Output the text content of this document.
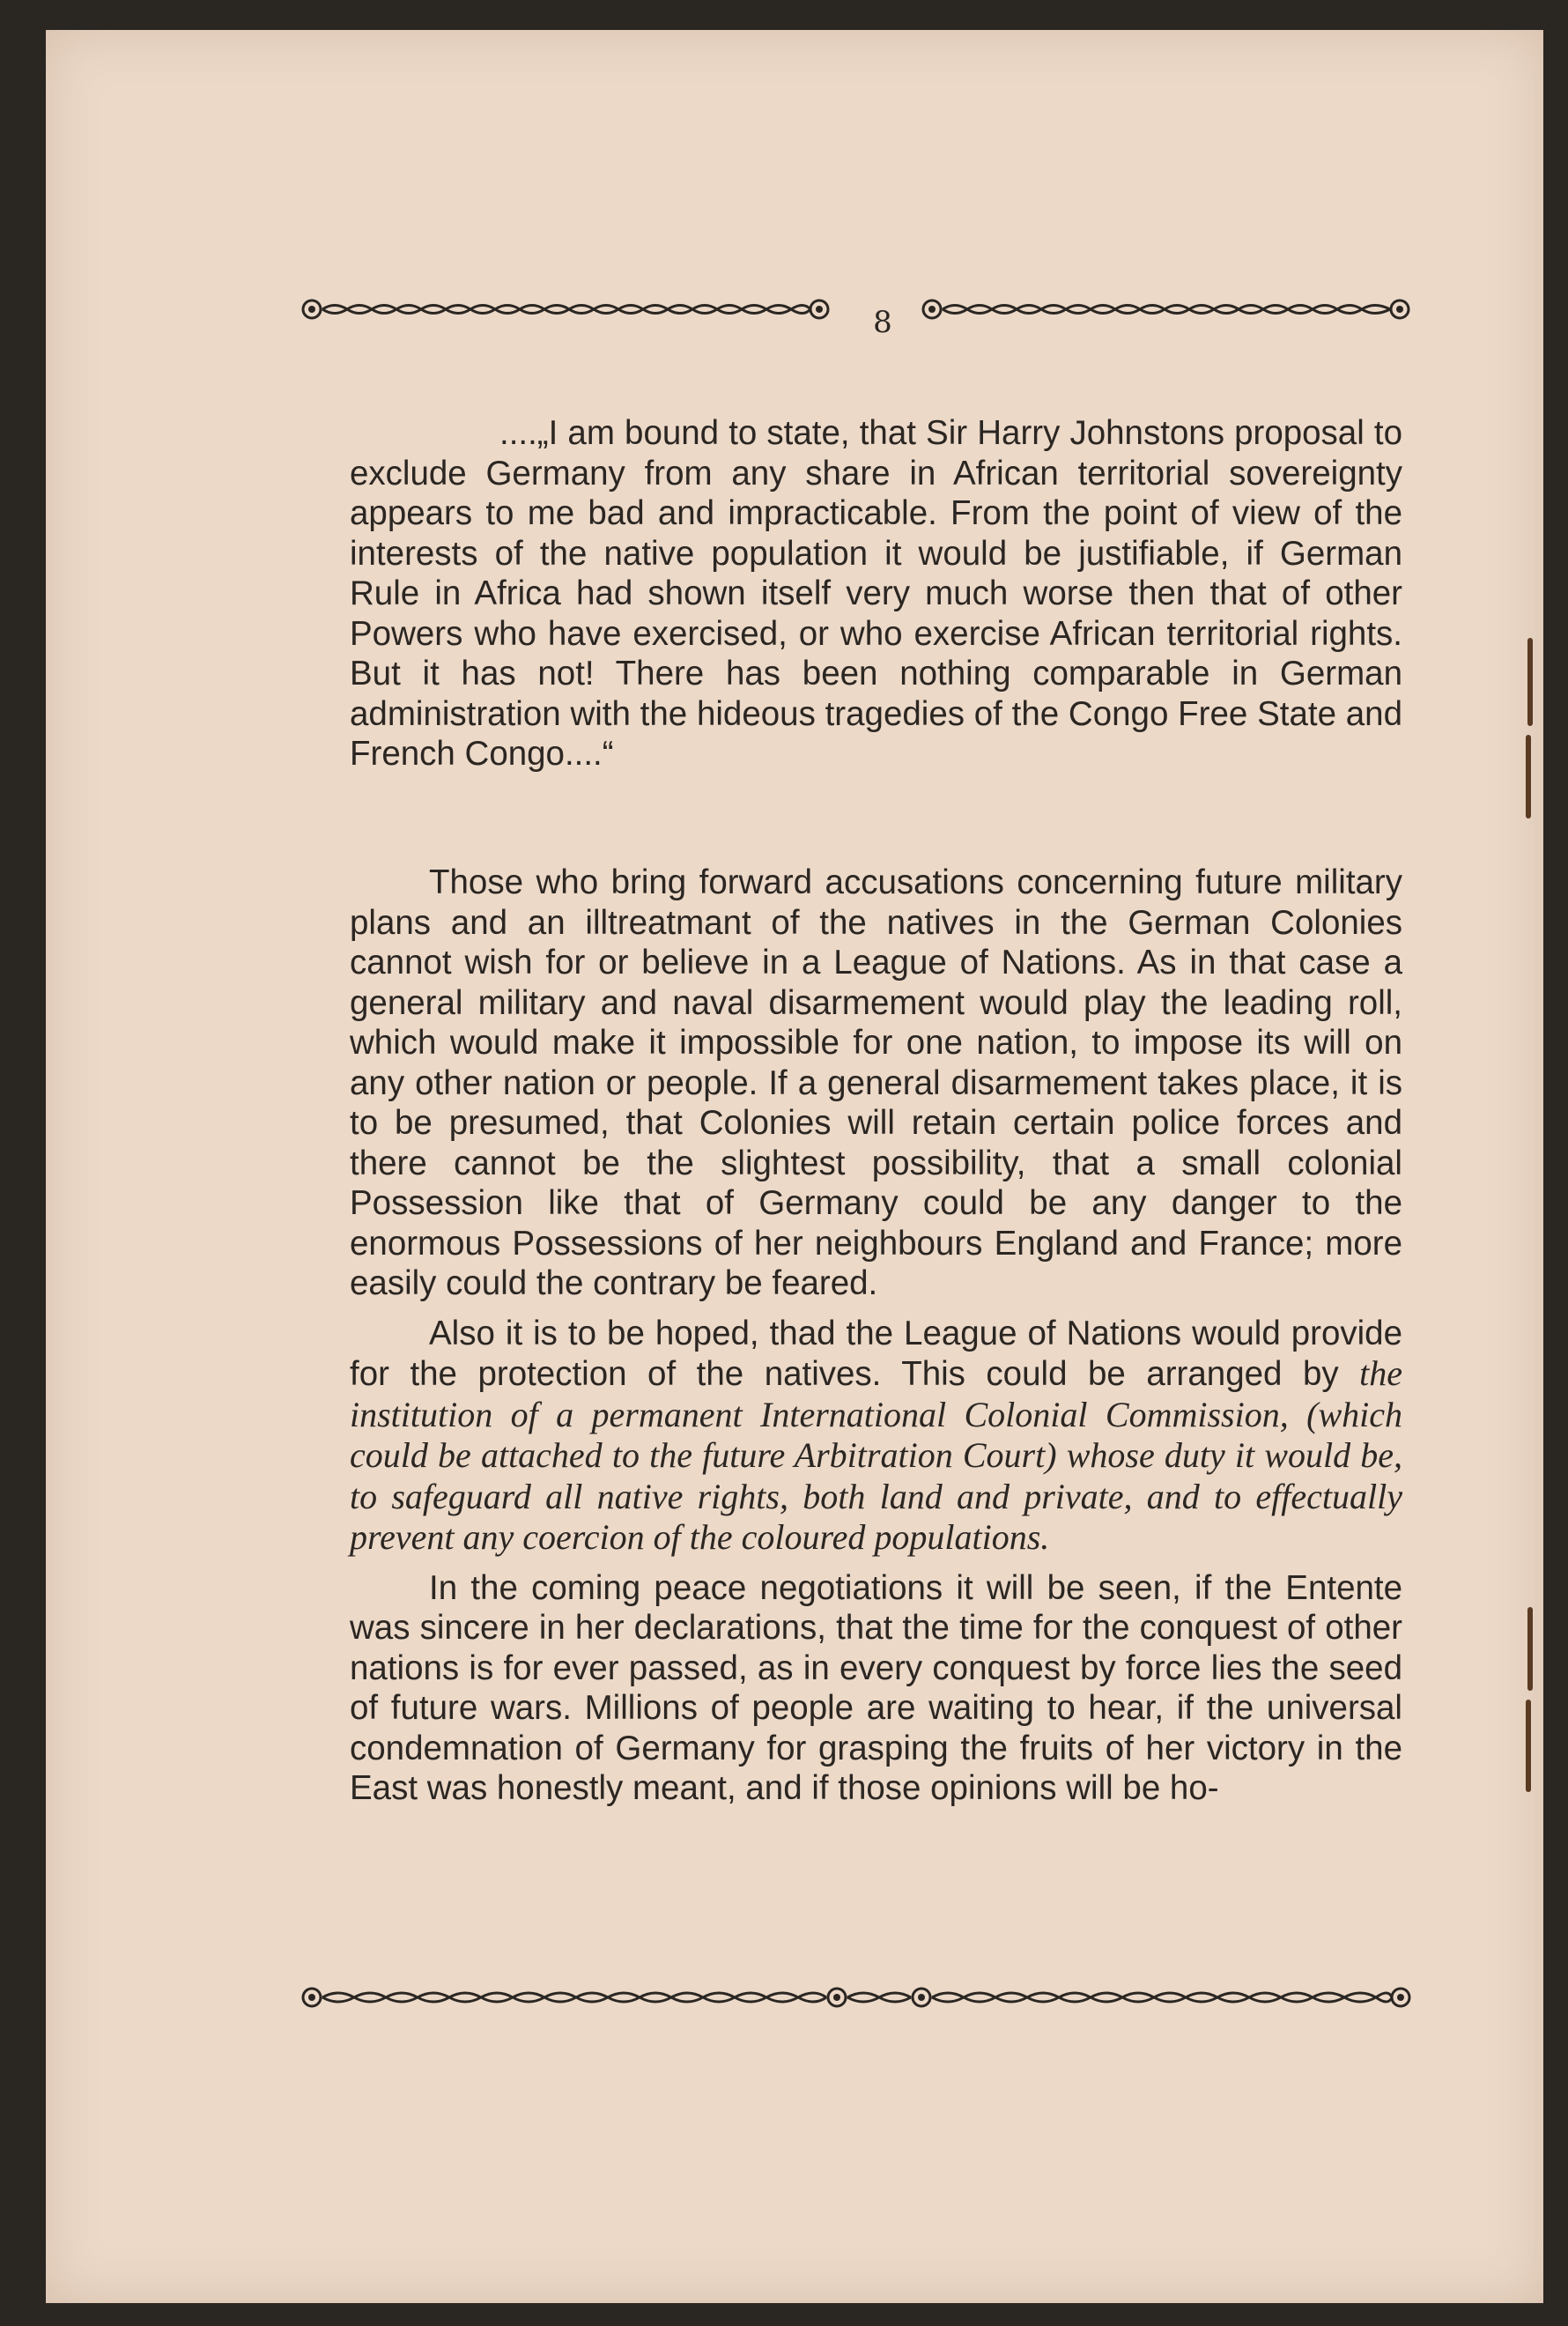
8

....„I am bound to state, that Sir Harry Johnstons proposal to exclude Germany from any share in African territorial sovereignty appears to me bad and impracticable. From the point of view of the interests of the native population it would be justifiable, if German Rule in Africa had shown itself very much worse then that of other Powers who have exercised, or who exercise African territorial rights. But it has not! There has been nothing comparable in German administration with the hideous tragedies of the Congo Free State and French Congo....“

Those who bring forward accusations concerning future military plans and an illtreatmant of the natives in the German Colonies cannot wish for or believe in a League of Nations. As in that case a general military and naval disarmement would play the leading roll, which would make it impossible for one nation, to impose its will on any other nation or people. If a general disarmement takes place, it is to be presumed, that Colonies will retain certain police forces and there cannot be the slightest possibility, that a small colonial Possession like that of Germany could be any danger to the enormous Possessions of her neighbours England and France; more easily could the contrary be feared.

Also it is to be hoped, thad the League of Nations would provide for the protection of the natives. This could be arranged by the institution of a permanent International Colonial Commission, (which could be attached to the future Arbitration Court) whose duty it would be, to safeguard all native rights, both land and private, and to effectually prevent any coercion of the coloured populations.

In the coming peace negotiations it will be seen, if the Entente was sincere in her declarations, that the time for the conquest of other nations is for ever passed, as in every conquest by force lies the seed of future wars. Millions of people are waiting to hear, if the universal condemnation of Germany for grasping the fruits of her victory in the East was honestly meant, and if those opinions will be ho-
